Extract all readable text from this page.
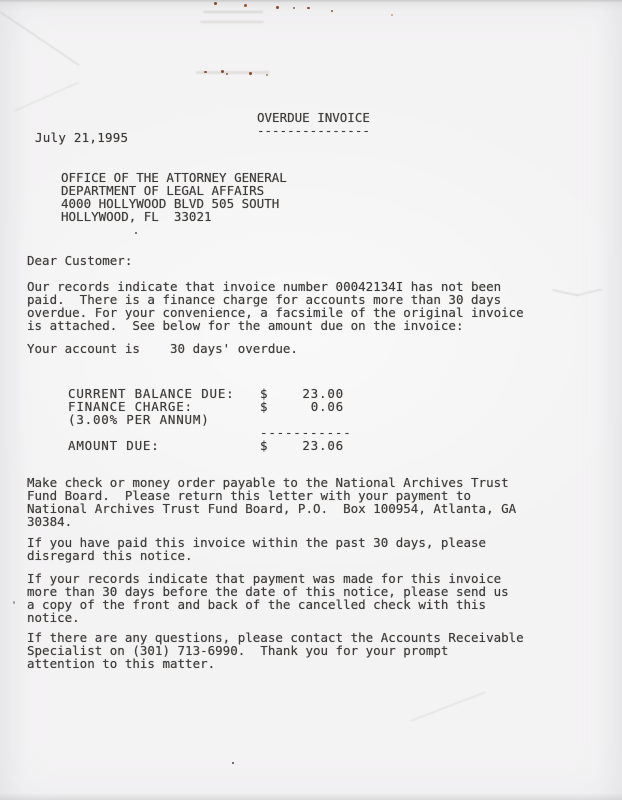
OVERDUE INVOICE
---------------
July 21,1995
OFFICE OF THE ATTORNEY GENERAL
DEPARTMENT OF LEGAL AFFAIRS
4000 HOLLYWOOD BLVD 505 SOUTH
HOLLYWOOD, FL  33021
Dear Customer:
Our records indicate that invoice number 00042134I has not been
paid.  There is a finance charge for accounts more than 30 days
overdue. For your convenience, a facsimile of the original invoice
is attached.  See below for the amount due on the invoice:
Your account is    30 days' overdue.
CURRENT BALANCE DUE:	$	23.00
FINANCE CHARGE:	$	0.06
(3.00% PER ANNUM)
-----------
AMOUNT DUE:	$	23.06
Make check or money order payable to the National Archives Trust
Fund Board.  Please return this letter with your payment to
National Archives Trust Fund Board, P.O.  Box 100954, Atlanta, GA
30384.
If you have paid this invoice within the past 30 days, please
disregard this notice.
If your records indicate that payment was made for this invoice
more than 30 days before the date of this notice, please send us
a copy of the front and back of the cancelled check with this
notice.
If there are any questions, please contact the Accounts Receivable
Specialist on (301) 713-6990.  Thank you for your prompt
attention to this matter.
